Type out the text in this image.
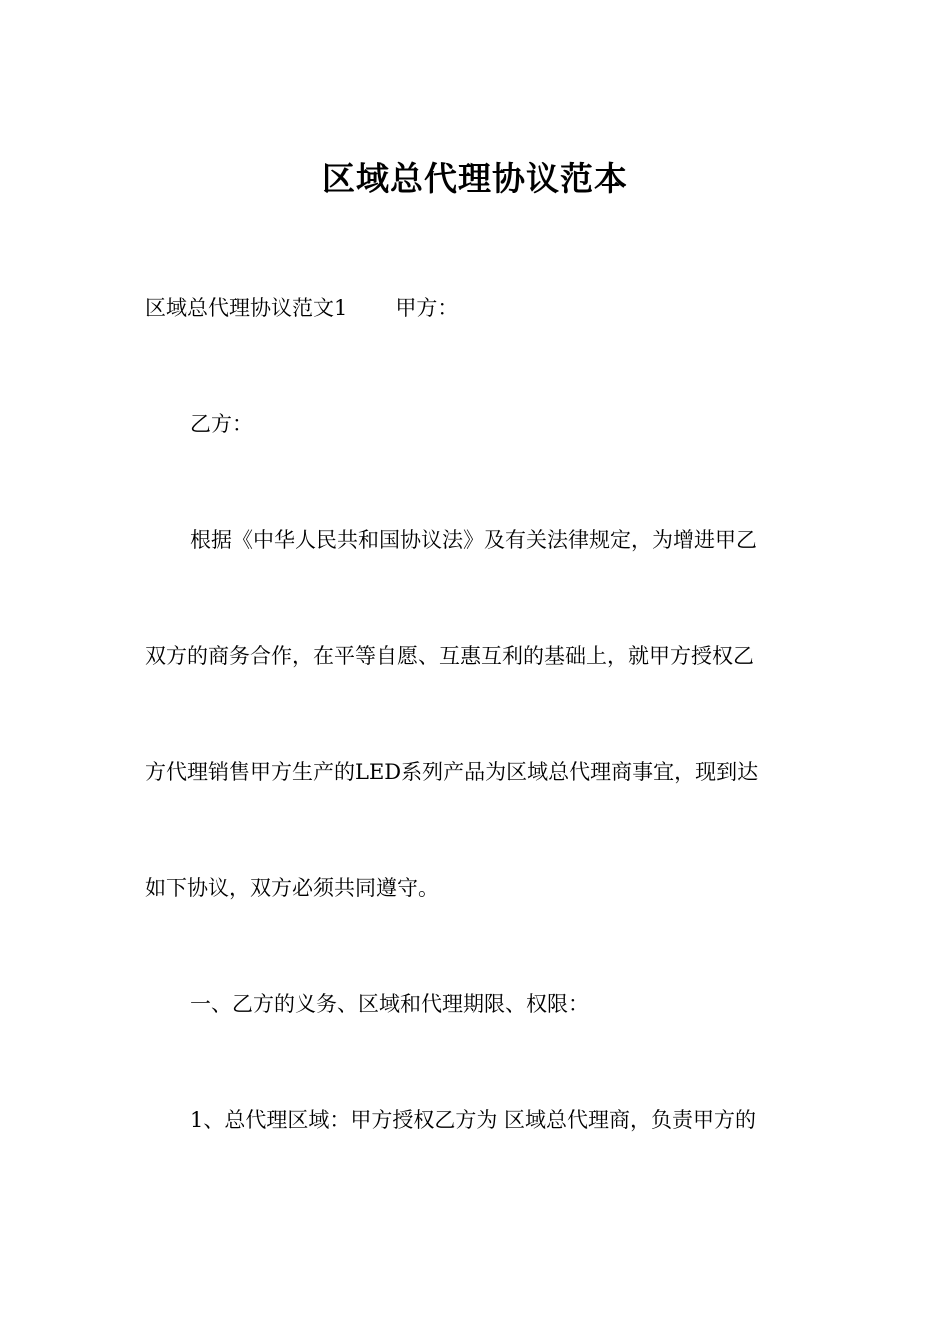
区域总代理协议范本
区域总代理协议范文1 甲方：
乙方：
根据《中华人民共和国协议法》及有关法律规定，为增进甲乙
双方的商务合作，在平等自愿、互惠互利的基础上，就甲方授权乙
方代理销售甲方生产的LED系列产品为区域总代理商事宜，现到达
如下协议，双方必须共同遵守。
一、乙方的义务、区域和代理期限、权限：
1、总代理区域：甲方授权乙方为 区域总代理商，负责甲方的
